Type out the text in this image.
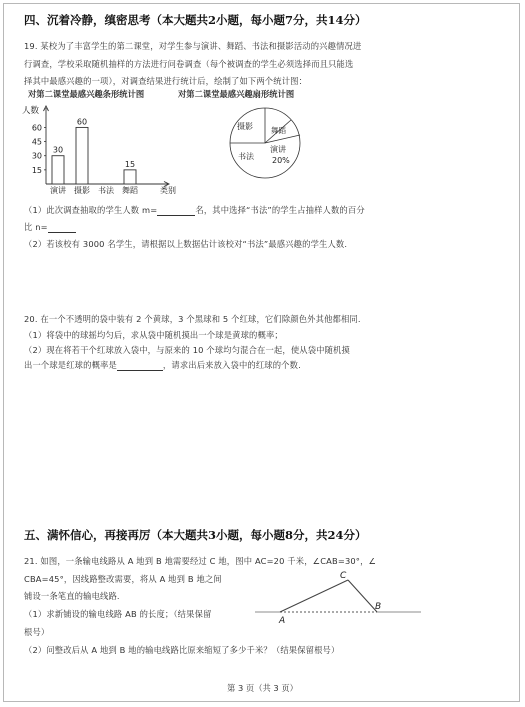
四、沉着冷静，缜密思考（本大题共2小题，每小题7分，共14分）
19. 某校为了丰富学生的第二课堂，对学生参与演讲、舞蹈、书法和摄影活动的兴趣情况进
行调查，学校采取随机抽样的方法进行问卷调查（每个被调查的学生必须选择而且只能选
择其中最感兴趣的一项），对调查结果进行统计后，绘制了如下两个统计图：
对第二课堂最感兴趣条形统计图	对第二课堂最感兴趣扇形统计图
人数
类别
15
30
45
60
演讲
30
摄影
60
书法 舞蹈
15
摄影 舞蹈
演讲
20%
书法
（1）此次调查抽取的学生人数 m=	名，其中选择“书法”的学生占抽样人数的百分
比 n=
（2）若该校有 3000 名学生，请根据以上数据估计该校对“书法”最感兴趣的学生人数.
20. 在一个不透明的袋中装有 2 个黄球，3 个黑球和 5 个红球，它们除颜色外其他都相同.
（1）将袋中的球摇均匀后，求从袋中随机摸出一个球是黄球的概率；
（2）现在将若干个红球放入袋中，与原来的 10 个球均匀混合在一起，使从袋中随机摸
出一个球是红球的概率是	，请求出后来放入袋中的红球的个数.
五、满怀信心，再接再厉（本大题共3小题，每小题8分，共24分）
21. 如图，一条输电线路从 A 地到 B 地需要经过 C 地，图中 AC=20 千米，∠CAB=30°，∠
CBA=45°，因线路整改需要，将从 A 地到 B 地之间
铺设一条笔直的输电线路.
（1）求新铺设的输电线路 AB 的长度；（结果保留
根号）
（2）问整改后从 A 地到 B 地的输电线路比原来缩短了多少千米？（结果保留根号）
A
B
C
第 3 页（共 3 页）
